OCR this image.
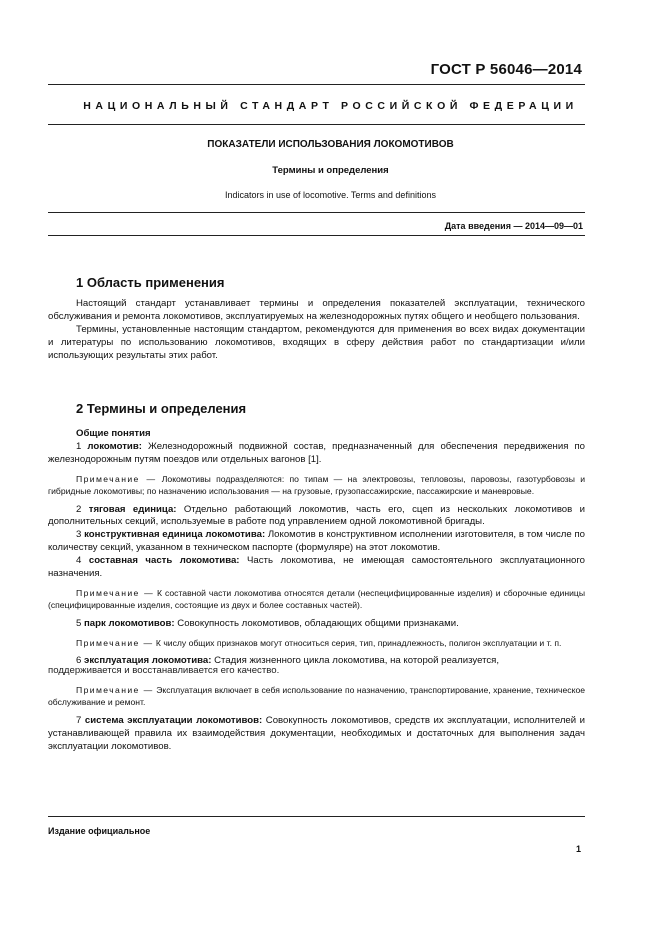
ГОСТ Р 56046—2014
НАЦИОНАЛЬНЫЙ СТАНДАРТ РОССИЙСКОЙ ФЕДЕРАЦИИ
ПОКАЗАТЕЛИ ИСПОЛЬЗОВАНИЯ ЛОКОМОТИВОВ
Термины и определения
Indicators in use of locomotive. Terms and definitions
Дата введения — 2014—09—01
1 Область применения

Настоящий стандарт устанавливает термины и определения показателей эксплуатации, технического обслуживания и ремонта локомотивов, эксплуатируемых на железнодорожных путях общего и необщего пользования.

Термины, установленные настоящим стандартом, рекомендуются для применения во всех видах документации и литературы по использованию локомотивов, входящих в сферу действия работ по стандартизации и/или использующих результаты этих работ.

2 Термины и определения

Общие понятия

1 локомотив: Железнодорожный подвижной состав, предназначенный для обеспечения передвижения по железнодорожным путям поездов или отдельных вагонов [1].

Примечание — Локомотивы подразделяются: по типам — на электровозы, тепловозы, паровозы, газотурбовозы и гибридные локомотивы; по назначению использования — на грузовые, грузопассажирские, пассажирские и маневровые.

2 тяговая единица: Отдельно работающий локомотив, часть его, сцеп из нескольких локомотивов и дополнительных секций, используемые в работе под управлением одной локомотивной бригады.

3 конструктивная единица локомотива: Локомотив в конструктивном исполнении изготовителя, в том числе по количеству секций, указанном в техническом паспорте (формуляре) на этот локомотив.

4 составная часть локомотива: Часть локомотива, не имеющая самостоятельного эксплуатационного назначения.

Примечание — К составной части локомотива относятся детали (неспецифицированные изделия) и сборочные единицы (специфицированные изделия, состоящие из двух и более составных частей).

5 парк локомотивов: Совокупность локомотивов, обладающих общими признаками.

Примечание — К числу общих признаков могут относиться серия, тип, принадлежность, полигон эксплуатации и т. п.

6 эксплуатация локомотива: Стадия жизненного цикла локомотива, на которой реализуется,

поддерживается и восстанавливается его качество.

Примечание — Эксплуатация включает в себя использование по назначению, транспортирование, хранение, техническое обслуживание и ремонт.

7 система эксплуатации локомотивов: Совокупность локомотивов, средств их эксплуатации, исполнителей и устанавливающей правила их взаимодействия документации, необходимых и достаточных для выполнения задач эксплуатации локомотивов.

Издание официальное
1
